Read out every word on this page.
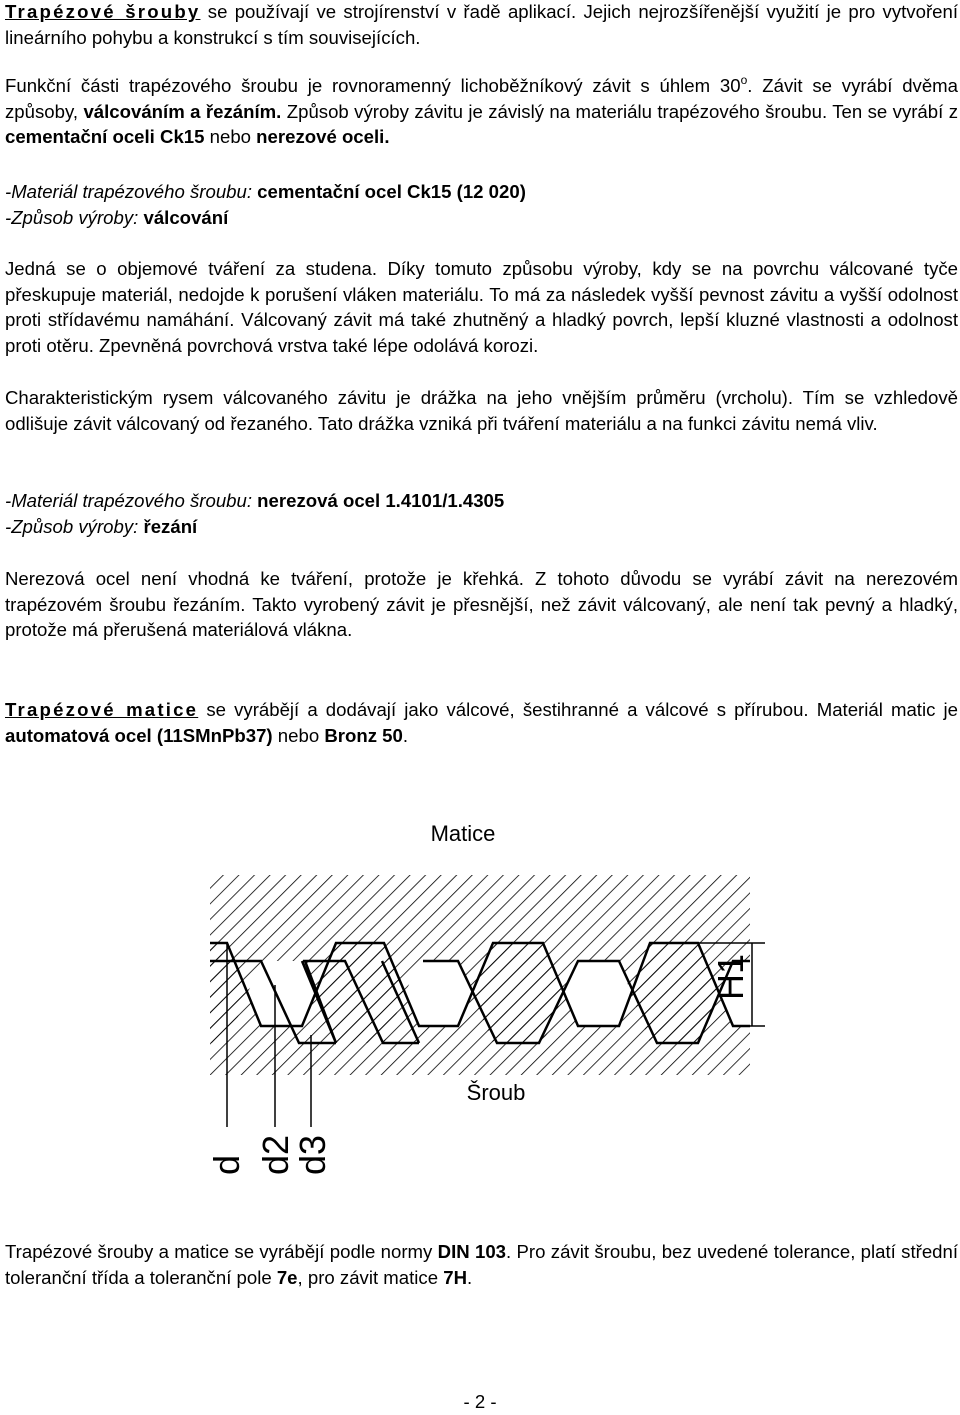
Trapézové šrouby se používají ve strojírenství v řadě aplikací. Jejich nejrozšířenější využití je pro vytvoření lineárního pohybu a konstrukcí s tím souvisejících.

Funkční části trapézového šroubu je rovnoramenný lichoběžníkový závit s úhlem 30$^o$. Závit se vyrábí dvěma způsoby, válcováním a řezáním. Způsob výroby závitu je závislý na materiálu trapézového šroubu. Ten se vyrábí z cementační oceli Ck15 nebo nerezové oceli.

-Materiál trapézového šroubu: cementační ocel Ck15 (12 020)

-Způsob výroby: válcování

Jedná se o objemové tváření za studena. Díky tomuto způsobu výroby, kdy se na povrchu válcované tyče přeskupuje materiál, nedojde k porušení vláken materiálu. To má za následek vyšší pevnost závitu a vyšší odolnost proti střídavému namáhání. Válcovaný závit má také zhutněný a hladký povrch, lepší kluzné vlastnosti a odolnost proti otěru. Zpevněná povrchová vrstva také lépe odolává korozi.

Charakteristickým rysem válcovaného závitu je drážka na jeho vnějším průměru (vrcholu). Tím se vzhledově odlišuje závit válcovaný od řezaného. Tato drážka vzniká při tváření materiálu a na funkci závitu nemá vliv.

-Materiál trapézového šroubu: nerezová ocel 1.4101/1.4305

-Způsob výroby: řezání

Nerezová ocel není vhodná ke tváření, protože je křehká. Z tohoto důvodu se vyrábí závit na nerezovém trapézovém šroubu řezáním. Takto vyrobený závit je přesnější, než závit válcovaný, ale není tak pevný a hladký, protože má přerušená materiálová vlákna.

Trapézové matice se vyrábějí a dodávají jako válcové, šestihranné a válcové s přírubou. Materiál matic je automatová ocel (11SMnPb37) nebo Bronz 50.

Trapézové šrouby a matice se vyrábějí podle normy DIN 103. Pro závit šroubu, bez uvedené tolerance, platí střední toleranční třída a toleranční pole 7e, pro závit matice 7H.

Matice
Šroub
H1
d d2
d3
- 2 -
